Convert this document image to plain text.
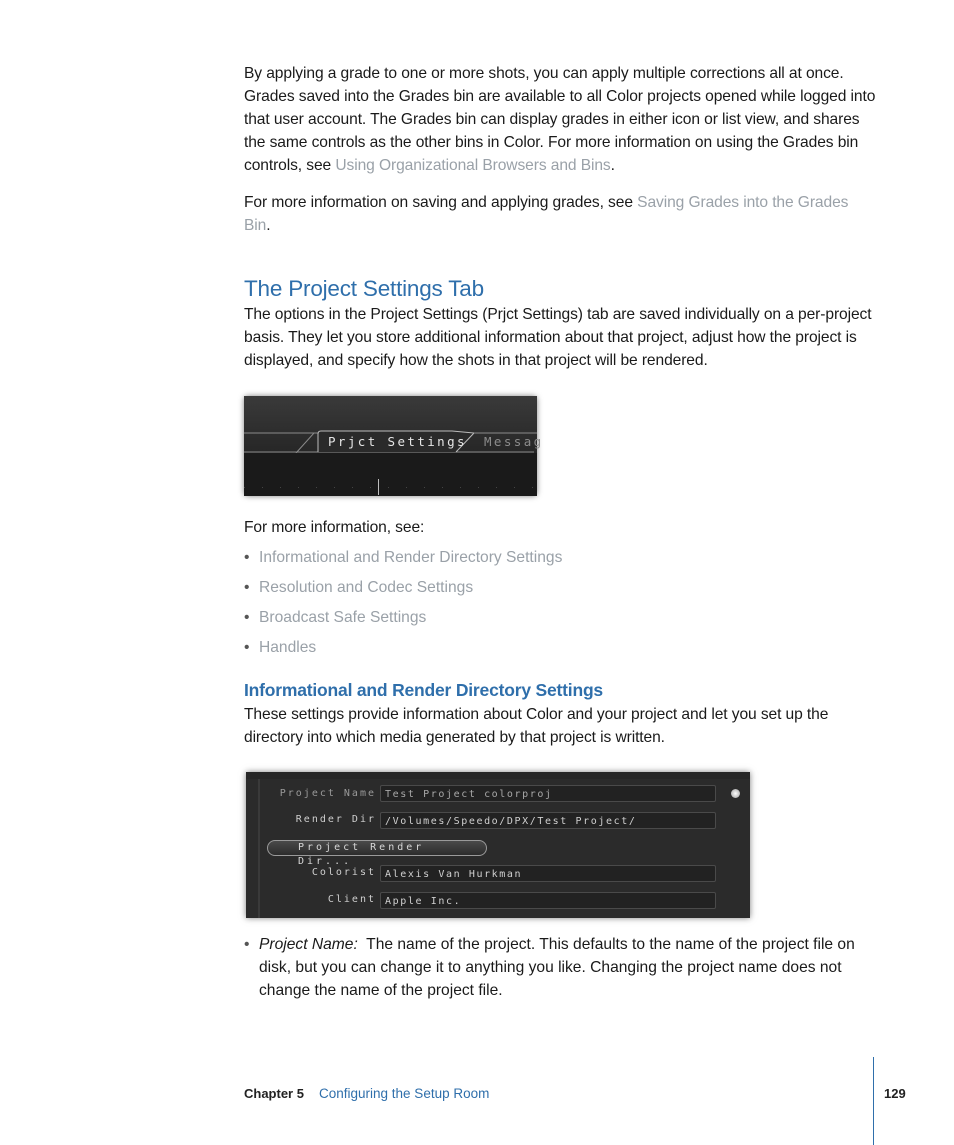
By applying a grade to one or more shots, you can apply multiple corrections all at once. Grades saved into the Grades bin are available to all Color projects opened while logged into that user account. The Grades bin can display grades in either icon or list view, and shares the same controls as the other bins in Color. For more information on using the Grades bin controls, see Using Organizational Browsers and Bins.

For more information on saving and applying grades, see Saving Grades into the Grades Bin.

The Project Settings Tab

The options in the Project Settings (Prjct Settings) tab are saved individually on a per-project basis. They let you store additional information about that project, adjust how the project is displayed, and specify how the shots in that project will be rendered.

Prjct Settings Messag

For more information, see:

• Informational and Render Directory Settings
• Resolution and Codec Settings
• Broadcast Safe Settings
• Handles
Informational and Render Directory Settings

These settings provide information about Color and your project and let you set up the directory into which media generated by that project is written.

Project Name Test Project colorproj
Render Dir /Volumes/Speedo/DPX/Test Project/
Project Render Dir...
Colorist Alexis Van Hurkman
Client Apple Inc.
• Project Name:  The name of the project. This defaults to the name of the project file on disk, but you can change it to anything you like. Changing the project name does not change the name of the project file.
Chapter 5 Configuring the Setup Room	129
